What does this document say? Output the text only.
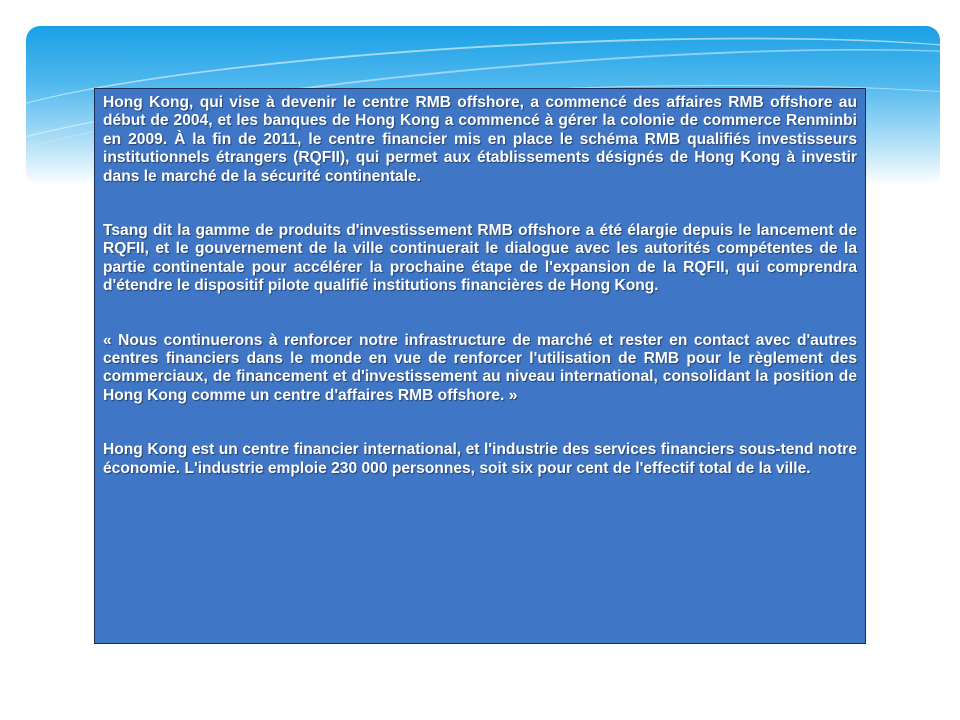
Hong Kong, qui vise à devenir le centre RMB offshore, a commencé des affaires RMB offshore au début de 2004, et les banques de Hong Kong a commencé à gérer la colonie de commerce Renminbi en 2009. À la fin de 2011, le centre financier mis en place le schéma RMB qualifiés investisseurs institutionnels étrangers (RQFII), qui permet aux établissements désignés de Hong Kong à investir dans le marché de la sécurité continentale.

Tsang dit la gamme de produits d'investissement RMB offshore a été élargie depuis le lancement de RQFII, et le gouvernement de la ville continuerait le dialogue avec les autorités compétentes de la partie continentale pour accélérer la prochaine étape de l'expansion de la RQFII, qui comprendra d'étendre le dispositif pilote qualifié institutions financières de Hong Kong.

« Nous continuerons à renforcer notre infrastructure de marché et rester en contact avec d'autres centres financiers dans le monde en vue de renforcer l'utilisation de RMB pour le règlement des commerciaux, de financement et d'investissement au niveau international, consolidant la position de Hong Kong comme un centre d'affaires RMB offshore. »

Hong Kong est un centre financier international, et l'industrie des services financiers sous-tend notre économie. L'industrie emploie 230 000 personnes, soit six pour cent de l'effectif total de la ville.
